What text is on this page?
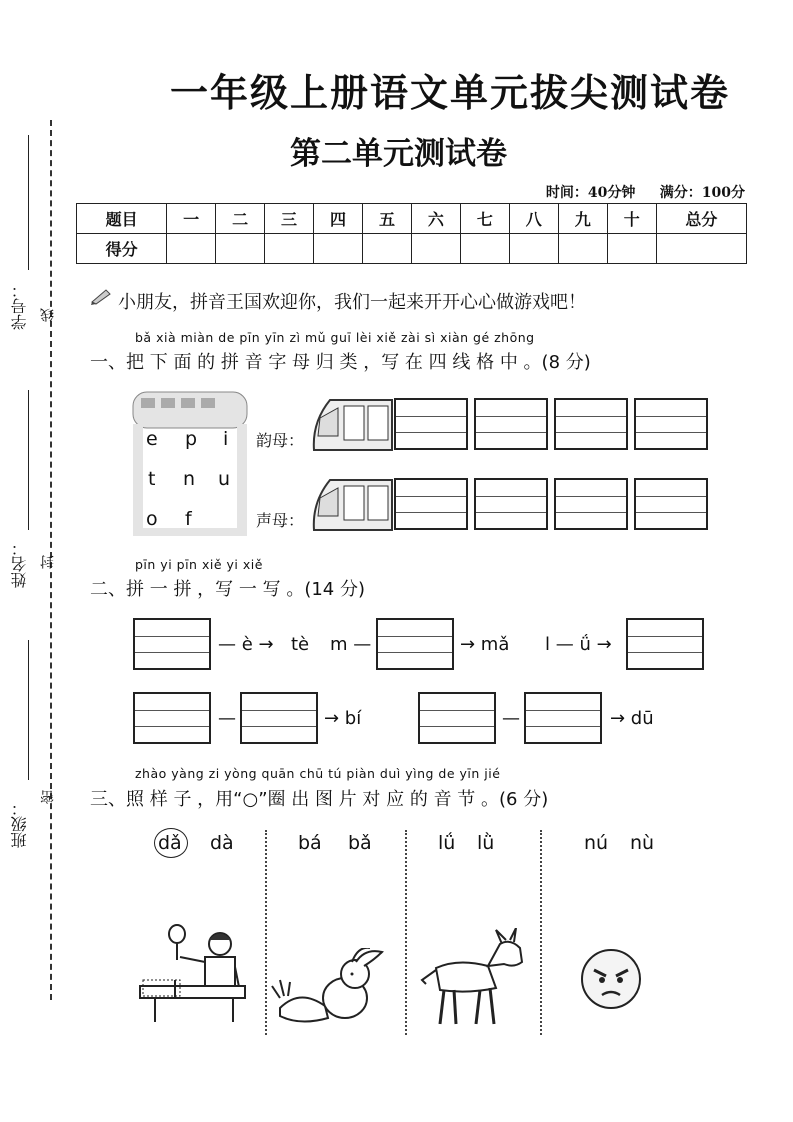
一年级上册语文单元拔尖测试卷
第二单元测试卷
时间：40分钟 满分：100分
题目	一	二	三	四	五	六	七	八	九	十	总分
得分											
学号： 线
姓名： 封
班级：
密
小朋友，拼音王国欢迎你，我们一起来开开心心做游戏吧！
bǎ xià miàn de pīn yīn zì mǔ guī lèi xiě zài sì xiàn gé zhōng
一、把 下 面 的 拼 音 字 母 归 类 ，写 在 四 线 格 中 。(8 分)
e p i
t n u
o f
韵母：
声母：
pīn yi pīn xiě yi xiě
二、拼 一 拼 ，写 一 写 。(14 分)
— è → tè m —	→ mǎ l — ǘ →
—	→ bí	—	→ dū
zhào yàng zi yòng quān chū tú piàn duì yìng de yīn jié
三、照 样 子 ，用“○”圈 出 图 片 对 应 的 音 节 。(6 分)
dǎ dà	bá bǎ	lǘ lǜ	nú nù
